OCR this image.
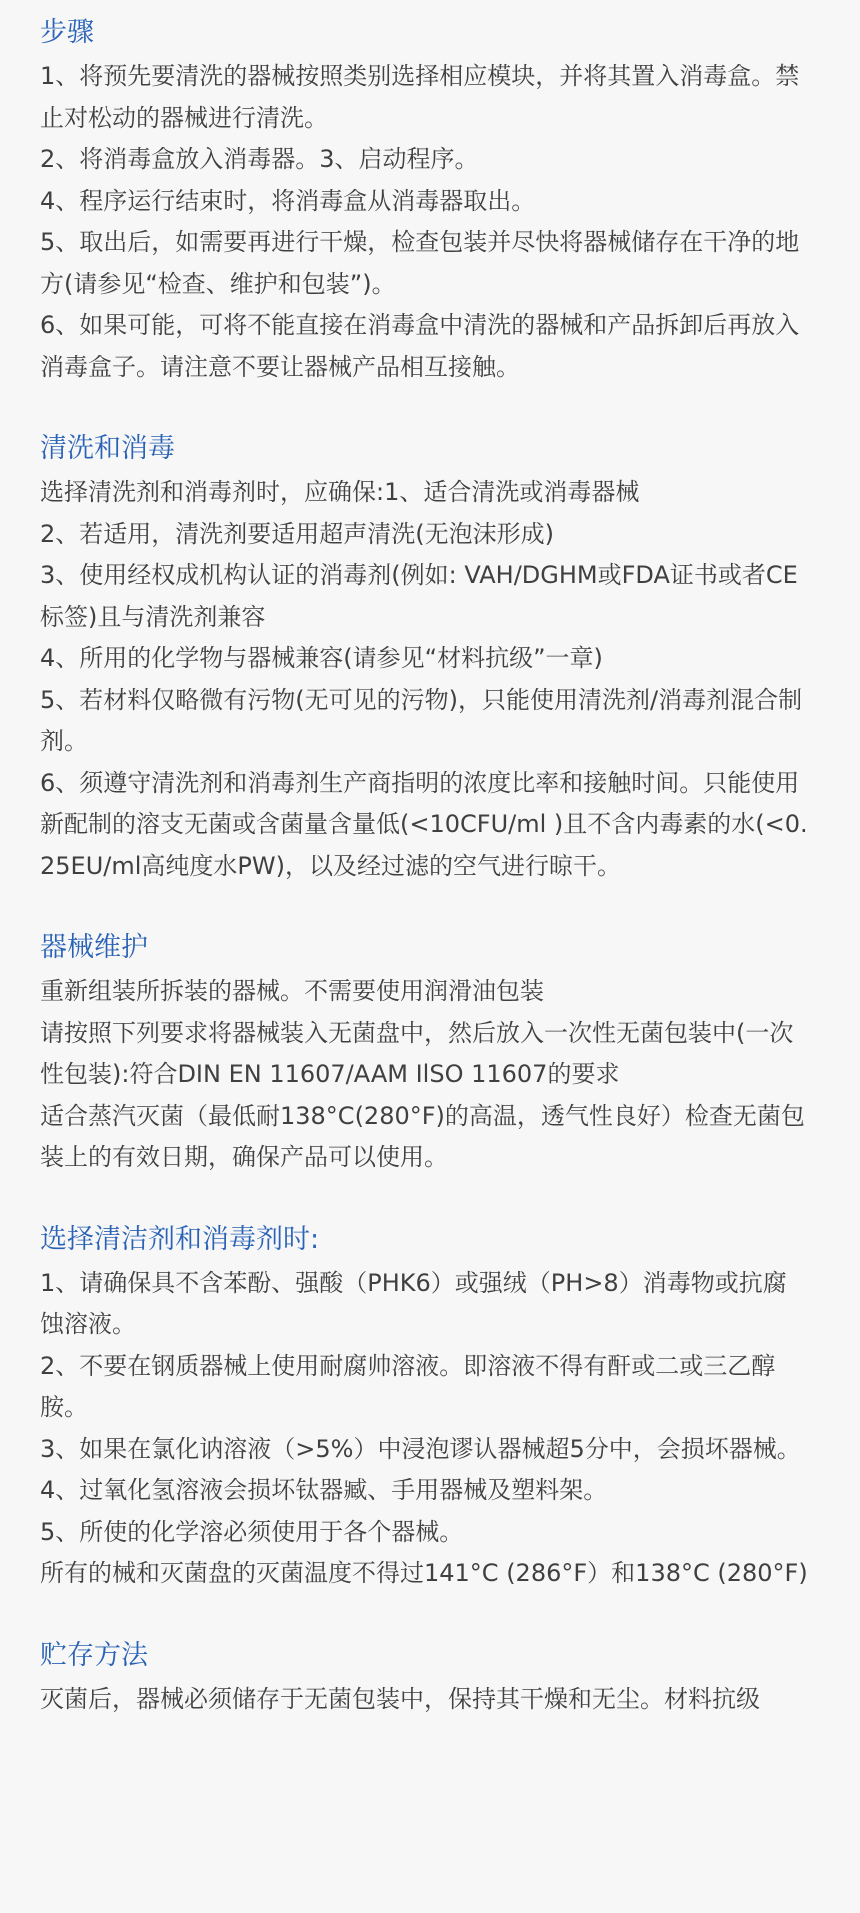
步骤

1、将预先要清洗的器械按照类别选择相应模块，并将其置入消毒盒。禁止对松动的器械进行清洗。

2、将消毒盒放入消毒器。3、启动程序。

4、程序运行结束时，将消毒盒从消毒器取出。

5、取出后，如需要再进行干燥，检查包装并尽快将器械储存在干净的地方(请参见“检查、维护和包装”)。

6、如果可能，可将不能直接在消毒盒中清洗的器械和产品拆卸后再放入消毒盒子。请注意不要让器械产品相互接触。

清洗和消毒

选择清洗剂和消毒剂时，应确保:1、适合清洗或消毒器械

2、若适用，清洗剂要适用超声清洗(无泡沫形成)

3、使用经权成机构认证的消毒剂(例如: VAH/DGHM或FDA证书或者CE标签)且与清洗剂兼容

4、所用的化学物与器械兼容(请参见“材料抗级”一章)

5、若材料仅略微有污物(无可见的污物)，只能使用清洗剂/消毒剂混合制剂。

6、须遵守清洗剂和消毒剂生产商指明的浓度比率和接触时间。只能使用新配制的溶支无菌或含菌量含量低(<10CFU/ml )且不含内毒素的水(<0.25EU/ml高纯度水PW)，以及经过滤的空气进行晾干。

器械维护

重新组装所拆装的器械。不需要使用润滑油包装

请按照下列要求将器械装入无菌盘中，然后放入一次性无菌包装中(一次性包装):符合DIN EN 11607/AAM IlSO 11607的要求

适合蒸汽灭菌（最低耐138°C(280°F)的高温，透气性良好）检查无菌包装上的有效日期，确保产品可以使用。

选择清洁剂和消毒剂时:

1、请确保具不含苯酚、强酸（PHK6）或强绒（PH>8）消毒物或抗腐蚀溶液。

2、不要在钢质器械上使用耐腐帅溶液。即溶液不得有酐或二或三乙醇胺。

3、如果在氯化讷溶液（>5%）中浸泡谬认器械超5分中，会损坏器械。

4、过氧化氢溶液会损坏钛器臧、手用器械及塑料架。

5、所使的化学溶必须使用于各个器械。

所有的械和灭菌盘的灭菌温度不得过141°C (286°F）和138°C (280°F)

贮存方法

灭菌后，器械必须储存于无菌包装中，保持其干燥和无尘。材料抗级
